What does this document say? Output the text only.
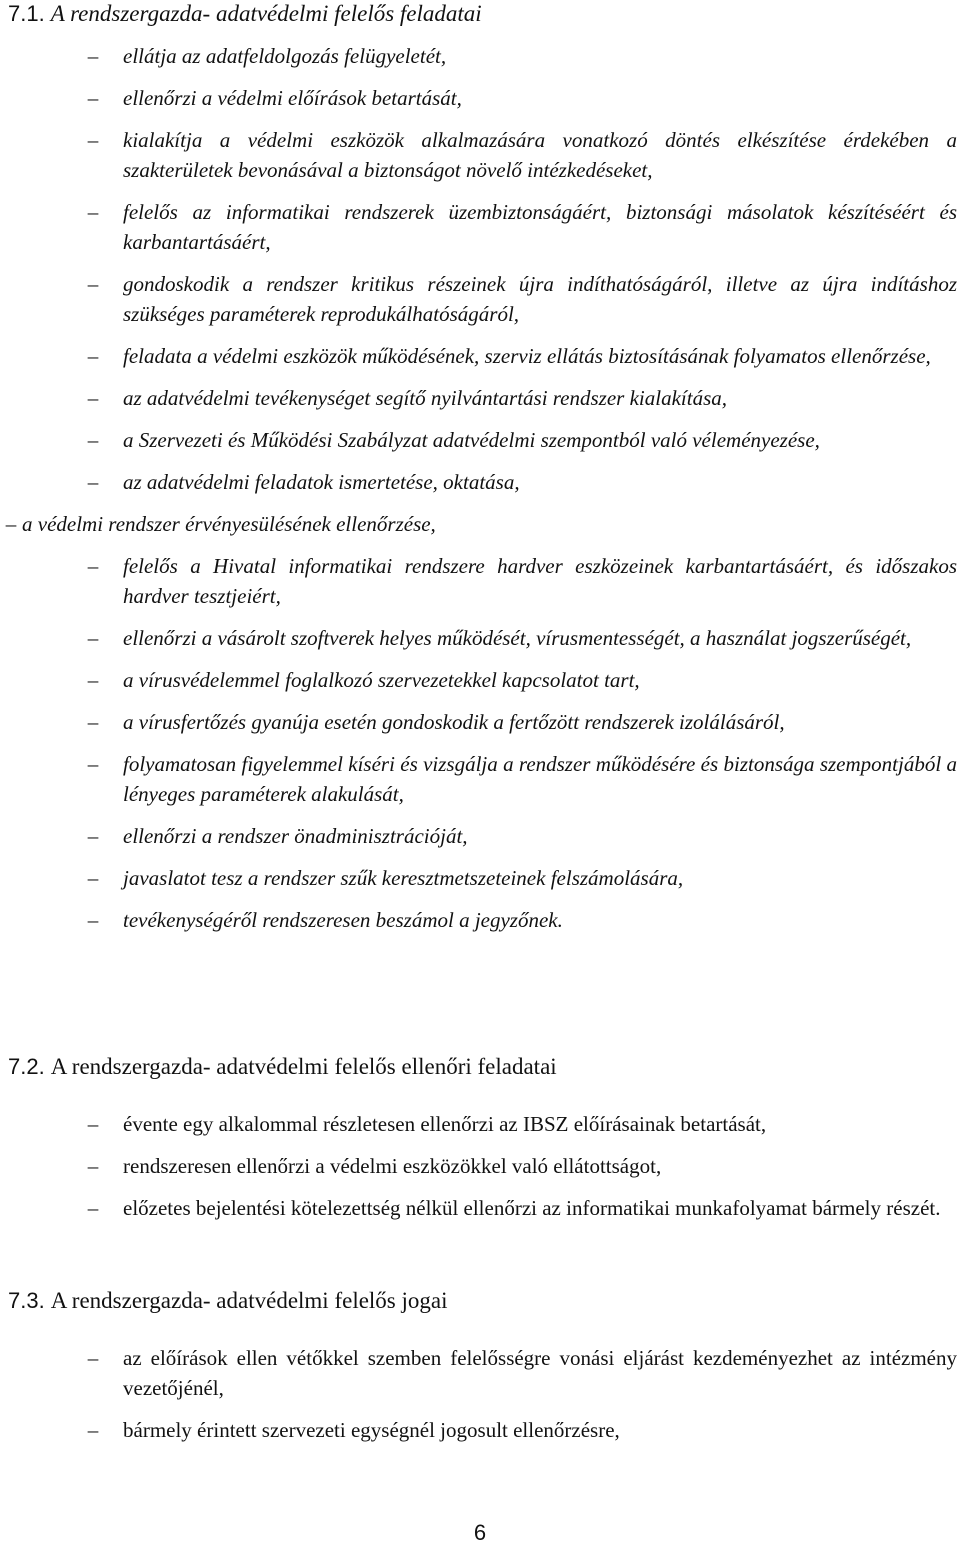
7.1. A rendszergazda- adatvédelmi felelős feladatai
–	ellátja az adatfeldolgozás felügyeletét,
–	ellenőrzi a védelmi előírások betartását,
–	kialakítja a védelmi eszközök alkalmazására vonatkozó döntés elkészítése érdekében a szakterületek bevonásával a biztonságot növelő intézkedéseket,
–	felelős az informatikai rendszerek üzembiztonságáért, biztonsági másolatok készítéséért és karbantartásáért,
–	gondoskodik a rendszer kritikus részeinek újra indíthatóságáról, illetve az újra indításhoz szükséges paraméterek reprodukálhatóságáról,
–	feladata a védelmi eszközök működésének, szerviz ellátás biztosításának folyamatos ellenőrzése,
–	az adatvédelmi tevékenységet segítő nyilvántartási rendszer kialakítása,
–	a Szervezeti és Működési Szabályzat adatvédelmi szempontból való véleményezése,
–	az adatvédelmi feladatok ismertetése, oktatása,
– a védelmi rendszer érvényesülésének ellenőrzése,
–	felelős a Hivatal informatikai rendszere hardver eszközeinek karbantartásáért, és időszakos hardver tesztjeiért,
–	ellenőrzi a vásárolt szoftverek helyes működését, vírusmentességét, a használat jogszerűségét,
–	a vírusvédelemmel foglalkozó szervezetekkel kapcsolatot tart,
–	a vírusfertőzés gyanúja esetén gondoskodik a fertőzött rendszerek izolálásáról,
–	folyamatosan figyelemmel kíséri és vizsgálja a rendszer működésére és biztonsága szempontjából a lényeges paraméterek alakulását,
–	ellenőrzi a rendszer önadminisztrációját,
–	javaslatot tesz a rendszer szűk keresztmetszeteinek felszámolására,
–	tevékenységéről rendszeresen beszámol a jegyzőnek.
7.2. A rendszergazda- adatvédelmi felelős ellenőri feladatai
–	évente egy alkalommal részletesen ellenőrzi az IBSZ előírásainak betartását,
–	rendszeresen ellenőrzi a védelmi eszközökkel való ellátottságot,
–	előzetes bejelentési kötelezettség nélkül ellenőrzi az informatikai munkafolyamat bármely részét.
7.3. A rendszergazda- adatvédelmi felelős jogai
–	az előírások ellen vétőkkel szemben felelősségre vonási eljárást kezdeményezhet az intézmény vezetőjénél,
–	bármely érintett szervezeti egységnél jogosult ellenőrzésre,
6
